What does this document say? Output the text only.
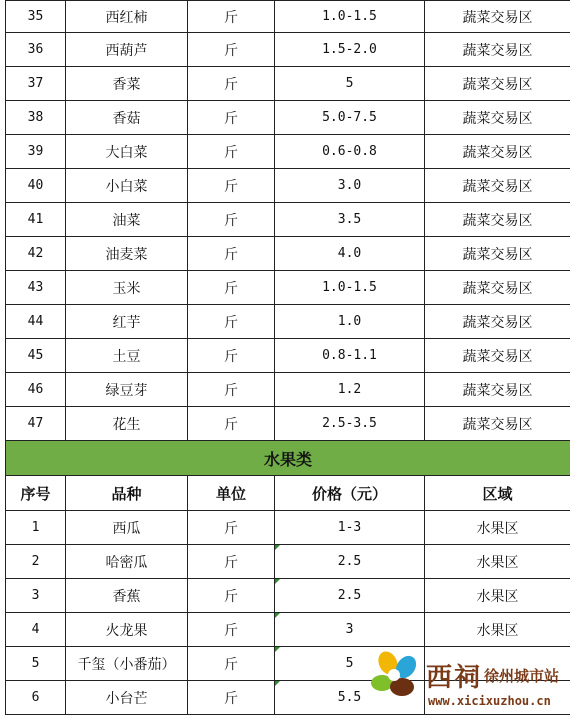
35	西红柿	斤	1.0-1.5	蔬菜交易区
36	西葫芦	斤	1.5-2.0	蔬菜交易区
37	香菜	斤	5	蔬菜交易区
38	香菇	斤	5.0-7.5	蔬菜交易区
39	大白菜	斤	0.6-0.8	蔬菜交易区
40	小白菜	斤	3.0	蔬菜交易区
41	油菜	斤	3.5	蔬菜交易区
42	油麦菜	斤	4.0	蔬菜交易区
43	玉米	斤	1.0-1.5	蔬菜交易区
44	红芋	斤	1.0	蔬菜交易区
45	土豆	斤	0.8-1.1	蔬菜交易区
46	绿豆芽	斤	1.2	蔬菜交易区
47	花生	斤	2.5-3.5	蔬菜交易区
水果类				
序号	品种	单位	价格（元）	区域
1	西瓜	斤	1-3	水果区
2	哈密瓜	斤	2.5	水果区
3	香蕉	斤	2.5	水果区
4	火龙果	斤	3	水果区
5	千玺（小番茄）	斤	5	
6	小台芒	斤	5.5	
西祠 徐州城市站
www.xicixuzhou.cn
